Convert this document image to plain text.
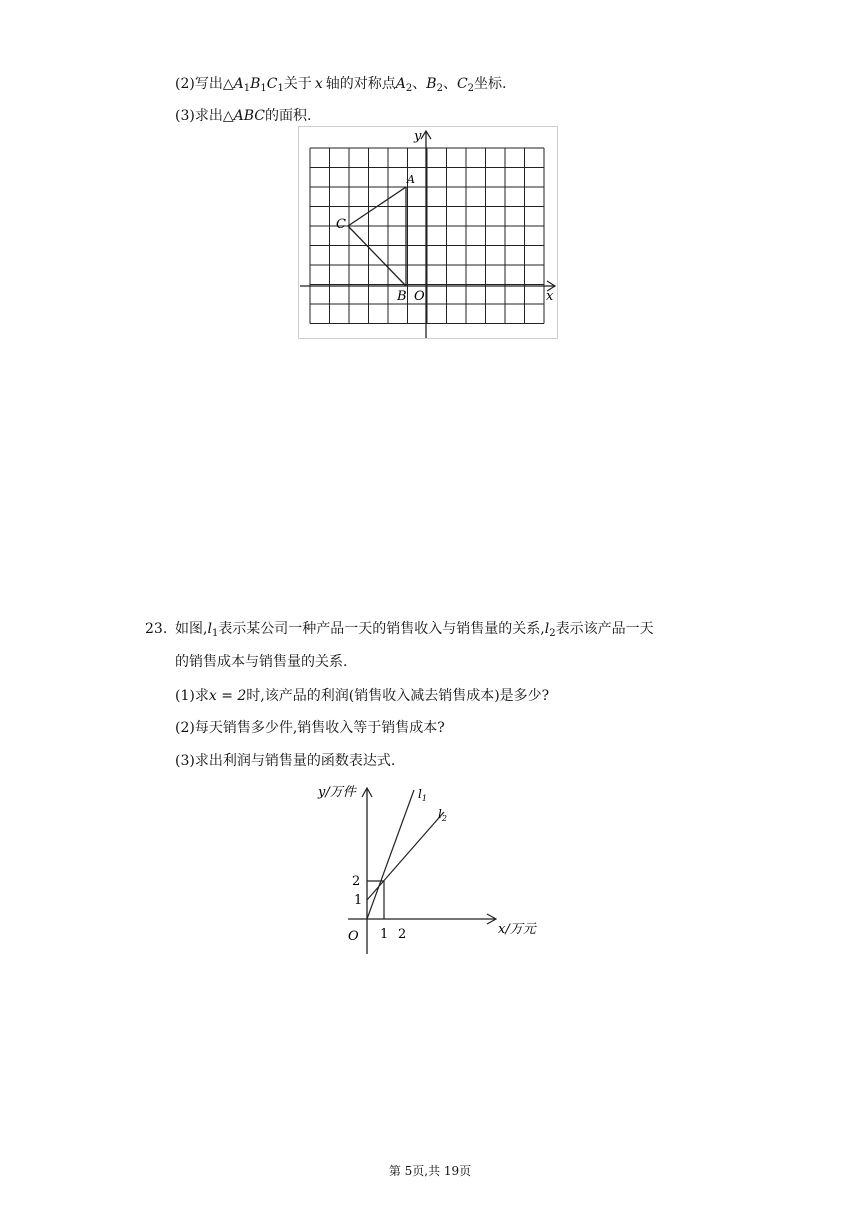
(2)写出$\triangle A_1B_1C_1$关于 x 轴的对称点$A_2$、$B_2$、$C_2$坐标.
(3)求出△ABC的面积.
y
x
A
C
B O
23. 如图$,l_1$表示某公司一种产品一天的销售收入与销售量的关系$,l_2$表示该产品一天
的销售成本与销售量的关系.
(1)求x = 2时,该产品的利润(销售收入减去销售成本)是多少?
(2)每天销售多少件,销售收入等于销售成本?
(3)求出利润与销售量的函数表达式.
y/万件
x/万元
$l_1$
$l_2$
2
1
O 1 2
第 5页,共 19页
